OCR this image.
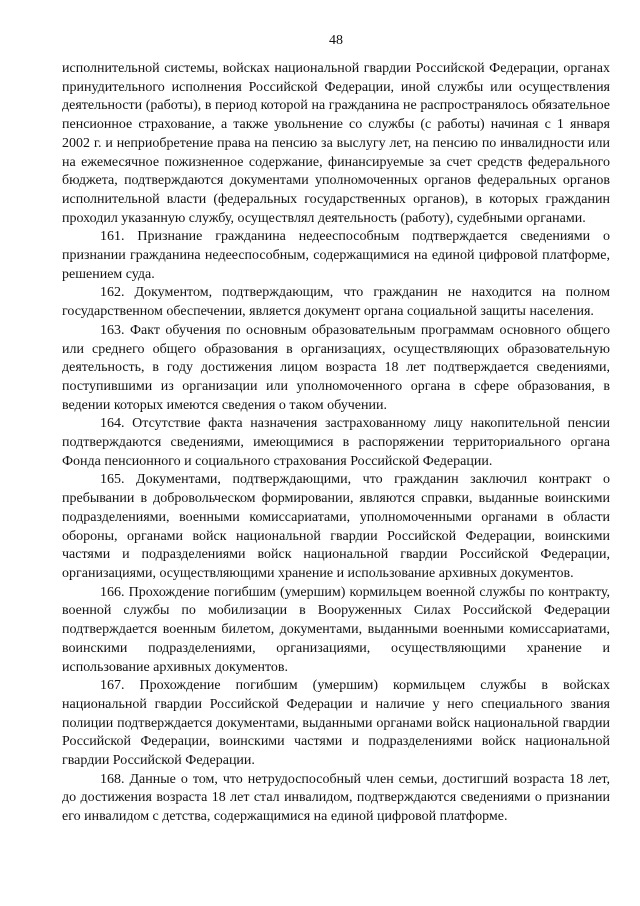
48

исполнительной системы, войсках национальной гвардии Российской Федерации, органах принудительного исполнения Российской Федерации, иной службы или осуществления деятельности (работы), в период которой на гражданина не распространялось обязательное пенсионное страхование, а также увольнение со службы (с работы) начиная с 1 января 2002 г. и неприобретение права на пенсию за выслугу лет, на пенсию по инвалидности или на ежемесячное пожизненное содержание, финансируемые за счет средств федерального бюджета, подтверждаются документами уполномоченных органов федеральных органов исполнительной власти (федеральных государственных органов), в которых гражданин проходил указанную службу, осуществлял деятельность (работу), судебными органами.

161. Признание гражданина недееспособным подтверждается сведениями о признании гражданина недееспособным, содержащимися на единой цифровой платформе, решением суда.

162. Документом, подтверждающим, что гражданин не находится на полном государственном обеспечении, является документ органа социальной защиты населения.

163. Факт обучения по основным образовательным программам основного общего или среднего общего образования в организациях, осуществляющих образовательную деятельность, в году достижения лицом возраста 18 лет подтверждается сведениями, поступившими из организации или уполномоченного органа в сфере образования, в ведении которых имеются сведения о таком обучении.

164. Отсутствие факта назначения застрахованному лицу накопительной пенсии подтверждаются сведениями, имеющимися в распоряжении территориального органа Фонда пенсионного и социального страхования Российской Федерации.

165. Документами, подтверждающими, что гражданин заключил контракт о пребывании в добровольческом формировании, являются справки, выданные воинскими подразделениями, военными комиссариатами, уполномоченными органами в области обороны, органами войск национальной гвардии Российской Федерации, воинскими частями и подразделениями войск национальной гвардии Российской Федерации, организациями, осуществляющими хранение и использование архивных документов.

166. Прохождение погибшим (умершим) кормильцем военной службы по контракту, военной службы по мобилизации в Вооруженных Силах Российской Федерации подтверждается военным билетом, документами, выданными военными комиссариатами, воинскими подразделениями, организациями, осуществляющими хранение и использование архивных документов.

167. Прохождение погибшим (умершим) кормильцем службы в войсках национальной гвардии Российской Федерации и наличие у него специального звания полиции подтверждается документами, выданными органами войск национальной гвардии Российской Федерации, воинскими частями и подразделениями войск национальной гвардии Российской Федерации.

168. Данные о том, что нетрудоспособный член семьи, достигший возраста 18 лет, до достижения возраста 18 лет стал инвалидом, подтверждаются сведениями о признании его инвалидом с детства, содержащимися на единой цифровой платформе.
